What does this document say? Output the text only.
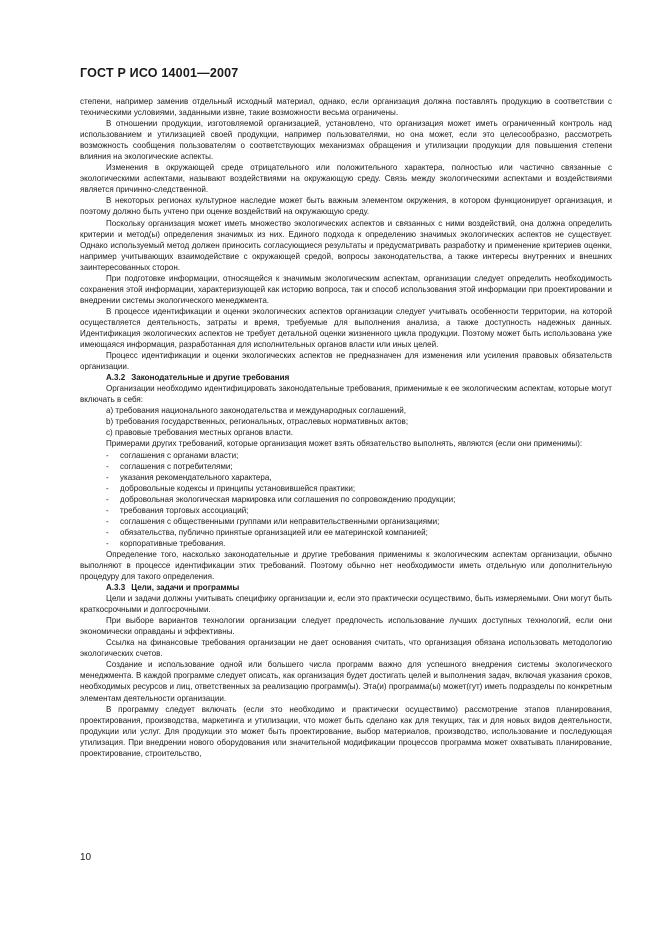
ГОСТ Р ИСО 14001—2007

степени, например заменив отдельный исходный материал, однако, если организация должна поставлять продукцию в соответствии с техническими условиями, заданными извне, такие возможности весьма ограничены.

В отношении продукции, изготовляемой организацией, установлено, что организация может иметь ограниченный контроль над использованием и утилизацией своей продукции, например пользователями, но она может, если это целесообразно, рассмотреть возможность сообщения пользователям о соответствующих механизмах обращения и утилизации продукции для повышения степени влияния на экологические аспекты.

Изменения в окружающей среде отрицательного или положительного характера, полностью или частично связанные с экологическими аспектами, называют воздействиями на окружающую среду. Связь между экологическими аспектами и воздействиями является причинно-следственной.

В некоторых регионах культурное наследие может быть важным элементом окружения, в котором функционирует организация, и поэтому должно быть учтено при оценке воздействий на окружающую среду.

Поскольку организация может иметь множество экологических аспектов и связанных с ними воздействий, она должна определить критерии и метод(ы) определения значимых из них. Единого подхода к определению значимых экологических аспектов не существует. Однако используемый метод должен приносить согласующиеся результаты и предусматривать разработку и применение критериев оценки, например учитывающих взаимодействие с окружающей средой, вопросы законодательства, а также интересы внутренних и внешних заинтересованных сторон.

При подготовке информации, относящейся к значимым экологическим аспектам, организации следует определить необходимость сохранения этой информации, характеризующей как историю вопроса, так и способ использования этой информации при проектировании и внедрении системы экологического менеджмента.

В процессе идентификации и оценки экологических аспектов организации следует учитывать особенности территории, на которой осуществляется деятельность, затраты и время, требуемые для выполнения анализа, а также доступность надежных данных. Идентификация экологических аспектов не требует детальной оценки жизненного цикла продукции. Поэтому может быть использована уже имеющаяся информация, разработанная для исполнительных органов власти или иных целей.

Процесс идентификации и оценки экологических аспектов не предназначен для изменения или усиления правовых обязательств организации.

А.3.2 Законодательные и другие требования

Организации необходимо идентифицировать законодательные требования, применимые к ее экологическим аспектам, которые могут включать в себя:

а) требования национального законодательства и международных соглашений,

b) требования государственных, региональных, отраслевых нормативных актов;

с) правовые требования местных органов власти.

Примерами других требований, которые организация может взять обязательство выполнять, являются (если они применимы):

- соглашения с органами власти;

- соглашения с потребителями;

- указания рекомендательного характера,

- добровольные кодексы и принципы установившейся практики;

- добровольная экологическая маркировка или соглашения по сопровождению продукции;

- требования торговых ассоциаций;

- соглашения с общественными группами или неправительственными организациями;

- обязательства, публично принятые организацией или ее материнской компанией;

- корпоративные требования.

Определение того, насколько законодательные и другие требования применимы к экологическим аспектам организации, обычно выполняют в процессе идентификации этих требований. Поэтому обычно нет необходимости иметь отдельную или дополнительную процедуру для такого определения.

А.3.3 Цели, задачи и программы

Цели и задачи должны учитывать специфику организации и, если это практически осуществимо, быть измеряемыми. Они могут быть краткосрочными и долгосрочными.

При выборе вариантов технологии организации следует предпочесть использование лучших доступных технологий, если они экономически оправданы и эффективны.

Ссылка на финансовые требования организации не дает основания считать, что организация обязана использовать методологию экологических счетов.

Создание и использование одной или большего числа программ важно для успешного внедрения системы экологического менеджмента. В каждой программе следует описать, как организация будет достигать целей и выполнения задач, включая указания сроков, необходимых ресурсов и лиц, ответственных за реализацию программ(ы). Эта(и) программа(ы) может(гут) иметь подразделы по конкретным элементам деятельности организации.

В программу следует включать (если это необходимо и практически осуществимо) рассмотрение этапов планирования, проектирования, производства, маркетинга и утилизации, что может быть сделано как для текущих, так и для новых видов деятельности, продукции или услуг. Для продукции это может быть проектирование, выбор материалов, производство, использование и последующая утилизация. При внедрении нового оборудования или значительной модификации процессов программа может охватывать планирование, проектирование, строительство,

10
